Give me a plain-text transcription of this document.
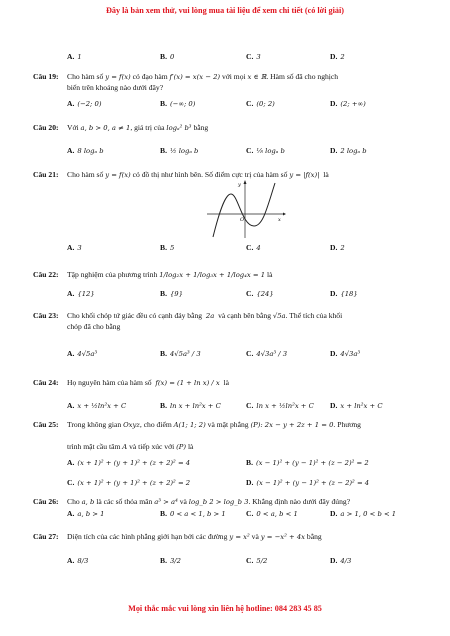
Đây là bản xem thử, vui lòng mua tài liệu để xem chi tiết (có lời giải)
A. 1	B. 0	C. 3	D. 2
Câu 19: Cho hàm số y = f(x) có đạo hàm f′(x) = x(x − 2) với mọi x ∈ ℝ. Hàm số đã cho nghịch
biến trên khoảng nào dưới đây?
A. (−2; 0)	B. (−∞; 0)	C. (0; 2)	D. (2; +∞)
Câu 20: Với a, b > 0, a ≠ 1, giá trị của logₐ² b³ bằng
A. 8 logₐ b	B. ½ logₐ b	C. ⅛ logₐ b	D. 2 logₐ b
Câu 21: Cho hàm số y = f(x) có đồ thị như hình bên. Số điểm cực trị của hàm số y = |f(x)| là
y
O	x
A. 3	B. 5	C. 4	D. 2
Câu 22: Tập nghiệm của phương trình 1/log₂x + 1/log₃x + 1/log₄x = 1 là
A. {12}	B. {9}	C. {24}	D. {18}
Câu 23: Cho khối chóp tứ giác đều có cạnh đáy bằng 2a và cạnh bên bằng √5a. Thể tích của khối
chóp đã cho bằng
A. 4√5a³	B. 4√5a³ / 3	C. 4√3a³ / 3	D. 4√3a³
Câu 24: Họ nguyên hàm của hàm số f(x) = (1 + ln x) / x là
A. x + ½ln²x + C	B. ln x + ln²x + C	C. ln x + ½ln²x + C D. x + ln²x + C
Câu 25: Trong không gian Oxyz, cho điểm A(1; 1; 2) và mặt phẳng (P): 2x − y + 2z + 1 = 0. Phương
trình mặt cầu tâm A và tiếp xúc với (P) là
A. (x + 1)² + (y + 1)² + (z + 2)² = 4	B. (x − 1)² + (y − 1)² + (z − 2)² = 2
C. (x + 1)² + (y + 1)² + (z + 2)² = 2	D. (x − 1)² + (y − 1)² + (z − 2)² = 4
Câu 26: Cho a, b là các số thỏa mãn a³ > a⁴ và log_b 2 > log_b 3. Khẳng định nào dưới đây đúng?
A. a, b > 1	B. 0 < a < 1, b > 1	C. 0 < a, b < 1	D. a > 1, 0 < b < 1
Câu 27: Diện tích của các hình phẳng giới hạn bởi các đường y = x² và y = −x² + 4x bằng
A. 8/3	B. 3/2	C. 5/2	D. 4/3
Mọi thắc mắc vui lòng xin liên hệ hotline: 084 283 45 85
